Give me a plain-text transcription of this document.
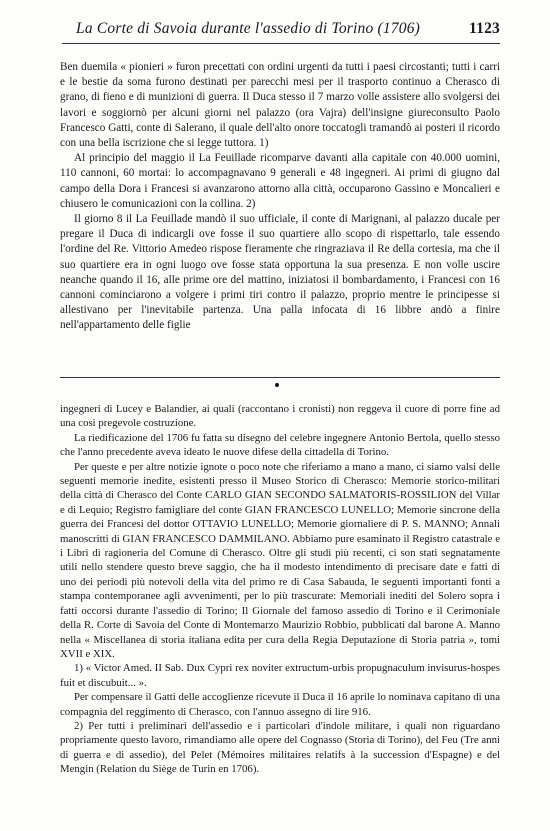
La Corte di Savoia durante l'assedio di Torino (1706)	1123

Ben duemila « pionieri » furon precettati con ordini urgenti da tutti i paesi circostanti; tutti i carri e le bestie da soma furono destinati per parecchi mesi per il trasporto continuo a Cherasco di grano, di fieno e di munizioni di guerra. Il Duca stesso il 7 marzo volle assistere allo svolgersi dei lavori e soggiornò per alcuni giorni nel palazzo (ora Vajra) dell'insigne giureconsulto Paolo Francesco Gatti, conte di Salerano, il quale dell'alto onore toccatogli tramandò ai posteri il ricordo con una bella iscrizione che si legge tuttora. 1)

Al principio del maggio il La Feuillade ricomparve davanti alla capitale con 40.000 uomini, 110 cannoni, 60 mortai: lo accompagnavano 9 generali e 48 ingegneri. Ai primi di giugno dal campo della Dora i Francesi si avanzarono attorno alla città, occuparono Gassino e Moncalieri e chiusero le comunicazioni con la collina. 2)

Il giorno 8 il La Feuillade mandò il suo ufficiale, il conte di Marignani, al palazzo ducale per pregare il Duca di indicargli ove fosse il suo quartiere allo scopo di rispettarlo, tale essendo l'ordine del Re. Vittorio Amedeo rispose fieramente che ringraziava il Re della cortesia, ma che il suo quartiere era in ogni luogo ove fosse stata opportuna la sua presenza. E non volle uscire neanche quando il 16, alle prime ore del mattino, iniziatosi il bombardamento, i Francesi con 16 cannoni cominciarono a volgere i primi tiri contro il palazzo, proprio mentre le principesse si allestivano per l'inevitabile partenza. Una palla infocata di 16 libbre andò a finire nell'appartamento delle figlie

ingegneri di Lucey e Balandier, ai quali (raccontano i cronisti) non reggeva il cuore di porre fine ad una così pregevole costruzione.

La riedificazione del 1706 fu fatta su disegno del celebre ingegnere Antonio Bertola, quello stesso che l'anno precedente aveva ideato le nuove difese della cittadella di Torino.

Per queste e per altre notizie ignote o poco note che riferiamo a mano a mano, ci siamo valsi delle seguenti memorie inedite, esistenti presso il Museo Storico di Cherasco: Memorie storico-militari della città di Cherasco del Conte CARLO GIAN SECONDO SALMATORIS-ROSSILION del Villar e di Lequio; Registro famigliare del conte GIAN FRANCESCO LUNELLO; Memorie sincrone della guerra dei Francesi del dottor OTTAVIO LUNELLO; Memorie giornaliere di P. S. MANNO; Annali manoscritti di GIAN FRANCESCO DAMMILANO. Abbiamo pure esaminato il Registro catastrale e i Libri di ragioneria del Comune di Cherasco. Oltre gli studi più recenti, ci son stati segnatamente utili nello stendere questo breve saggio, che ha il modesto intendimento di precisare date e fatti di uno dei periodi più notevoli della vita del primo re di Casa Sabauda, le seguenti importanti fonti a stampa contemporanee agli avvenimenti, per lo più trascurate: Memoriali inediti del Solero sopra i fatti occorsi durante l'assedio di Torino; Il Giornale del famoso assedio di Torino e il Cerimoniale della R. Corte di Savoia del Conte di Montemarzo Maurizio Robbio, pubblicati dal barone A. Manno nella « Miscellanea di storia italiana edita per cura della Regia Deputazione di Storia patria », tomi XVII e XIX.

1) « Victor Amed. II Sab. Dux Cypri rex noviter extructum-urbis propugnaculum invisurus-hospes fuit et discubuit... ».

Per compensare il Gatti delle accoglienze ricevute il Duca il 16 aprile lo nominava capitano di una compagnia del reggimento di Cherasco, con l'annuo assegno di lire 916.

2) Per tutti i preliminari dell'assedio e i particolari d'indole militare, i quali non riguardano propriamente questo lavoro, rimandiamo alle opere del Cognasso (Storia di Torino), del Feu (Tre anni di guerra e di assedio), del Pelet (Mémoires militaires relatifs à la succession d'Espagne) e del Mengin (Relation du Siège de Turin en 1706).
